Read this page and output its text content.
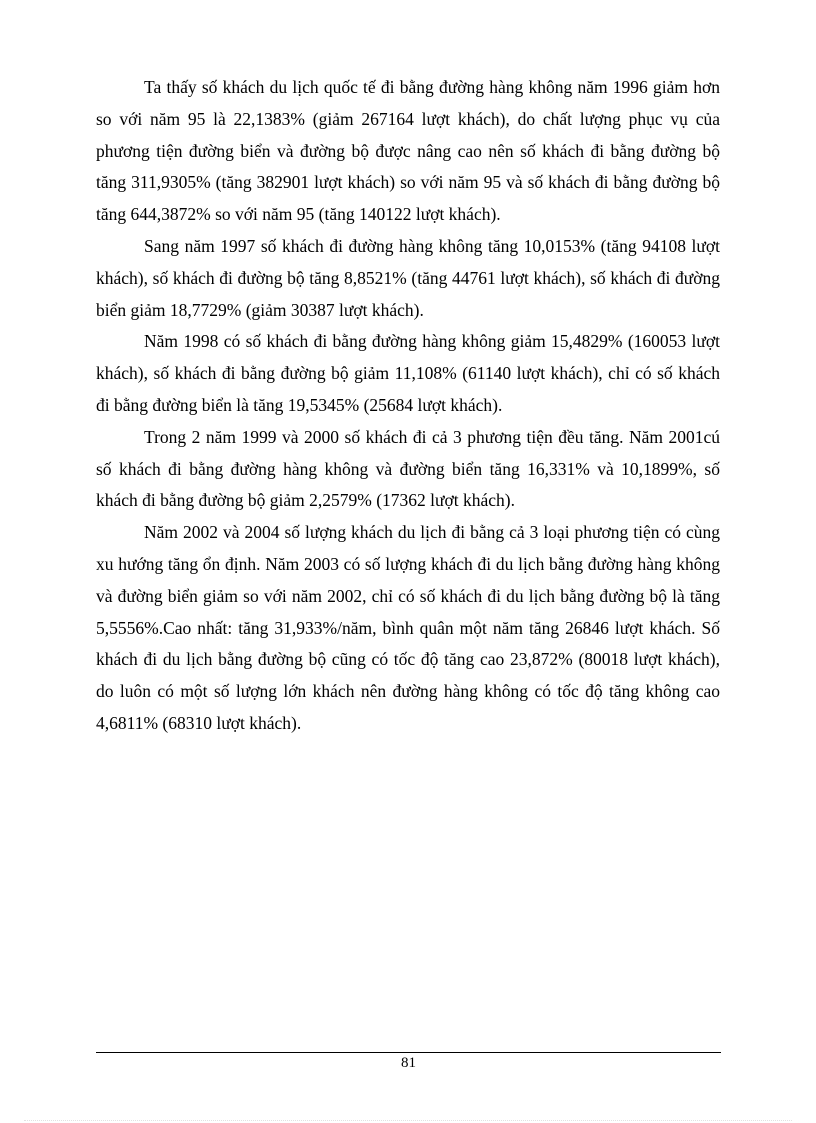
Ta thấy số khách du lịch quốc tế đi bằng đường hàng không năm 1996 giảm hơn so với năm 95 là 22,1383% (giảm 267164 lượt khách), do chất lượng phục vụ của phương tiện đường biển và đường bộ được nâng cao nên số khách đi bằng đường bộ tăng 311,9305% (tăng 382901 lượt khách) so với năm 95 và số khách đi bằng đường bộ tăng 644,3872% so với năm 95 (tăng 140122 lượt khách).

Sang năm 1997 số khách đi đường hàng không tăng 10,0153% (tăng 94108 lượt khách), số khách đi đường bộ tăng 8,8521% (tăng 44761 lượt khách), số khách đi đường biển giảm 18,7729% (giảm 30387 lượt khách).

Năm 1998 có số khách đi bằng đường hàng không giảm 15,4829% (160053 lượt khách), số khách đi bằng đường bộ giảm 11,108% (61140 lượt khách), chỉ có số khách đi bằng đường biển là tăng 19,5345% (25684 lượt khách).

Trong 2 năm 1999 và 2000 số khách đi cả 3 phương tiện đều tăng. Năm 2001cú số khách đi bằng đường hàng không và đường biển tăng 16,331% và 10,1899%, số khách đi bằng đường bộ giảm 2,2579% (17362 lượt khách).

Năm 2002 và 2004 số lượng khách du lịch đi bằng cả 3 loại phương tiện có cùng xu hướng tăng ổn định. Năm 2003 có số lượng khách đi du lịch bằng đường hàng không và đường biển giảm so với năm 2002, chỉ có số khách đi du lịch bằng đường bộ là tăng 5,5556%.Cao nhất: tăng 31,933%/năm, bình quân một năm tăng 26846 lượt khách. Số khách đi du lịch bằng đường bộ cũng có tốc độ tăng cao 23,872% (80018 lượt khách), do luôn có một số lượng lớn khách nên đường hàng không có tốc độ tăng không cao 4,6811% (68310 lượt khách).

81
